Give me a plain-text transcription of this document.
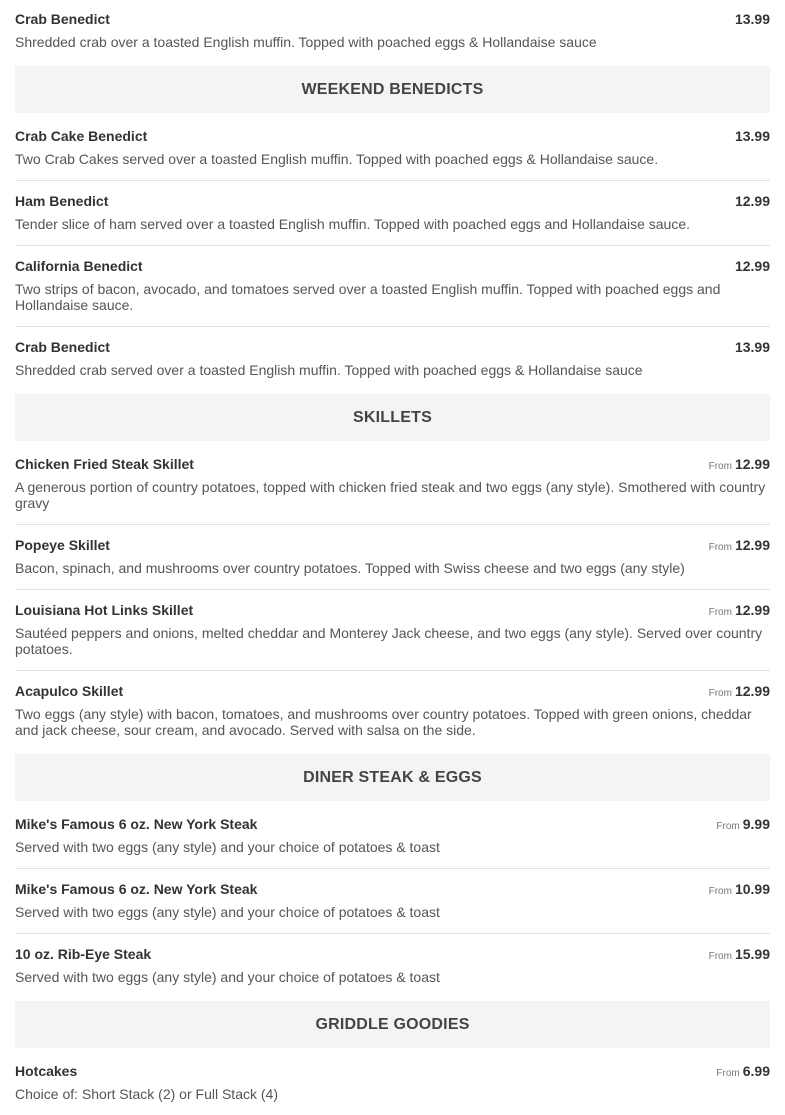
Crab Benedict	13.99

Shredded crab over a toasted English muffin. Topped with poached eggs & Hollandaise sauce

WEEKEND BENEDICTS
Crab Cake Benedict	13.99

Two Crab Cakes served over a toasted English muffin. Topped with poached eggs & Hollandaise sauce.

Ham Benedict	12.99

Tender slice of ham served over a toasted English muffin. Topped with poached eggs and Hollandaise sauce.

California Benedict	12.99

Two strips of bacon, avocado, and tomatoes served over a toasted English muffin. Topped with poached eggs and Hollandaise sauce.

Crab Benedict	13.99

Shredded crab served over a toasted English muffin. Topped with poached eggs & Hollandaise sauce

SKILLETS
Chicken Fried Steak Skillet	From 12.99

A generous portion of country potatoes, topped with chicken fried steak and two eggs (any style). Smothered with country gravy

Popeye Skillet	From 12.99

Bacon, spinach, and mushrooms over country potatoes. Topped with Swiss cheese and two eggs (any style)

Louisiana Hot Links Skillet	From 12.99

Sautéed peppers and onions, melted cheddar and Monterey Jack cheese, and two eggs (any style). Served over country potatoes.

Acapulco Skillet	From 12.99

Two eggs (any style) with bacon, tomatoes, and mushrooms over country potatoes. Topped with green onions, cheddar and jack cheese, sour cream, and avocado. Served with salsa on the side.

DINER STEAK & EGGS
Mike's Famous 6 oz. New York Steak	From 9.99

Served with two eggs (any style) and your choice of potatoes & toast

Mike's Famous 6 oz. New York Steak	From 10.99

Served with two eggs (any style) and your choice of potatoes & toast

10 oz. Rib-Eye Steak	From 15.99

Served with two eggs (any style) and your choice of potatoes & toast

GRIDDLE GOODIES
Hotcakes	From 6.99

Choice of: Short Stack (2) or Full Stack (4)
